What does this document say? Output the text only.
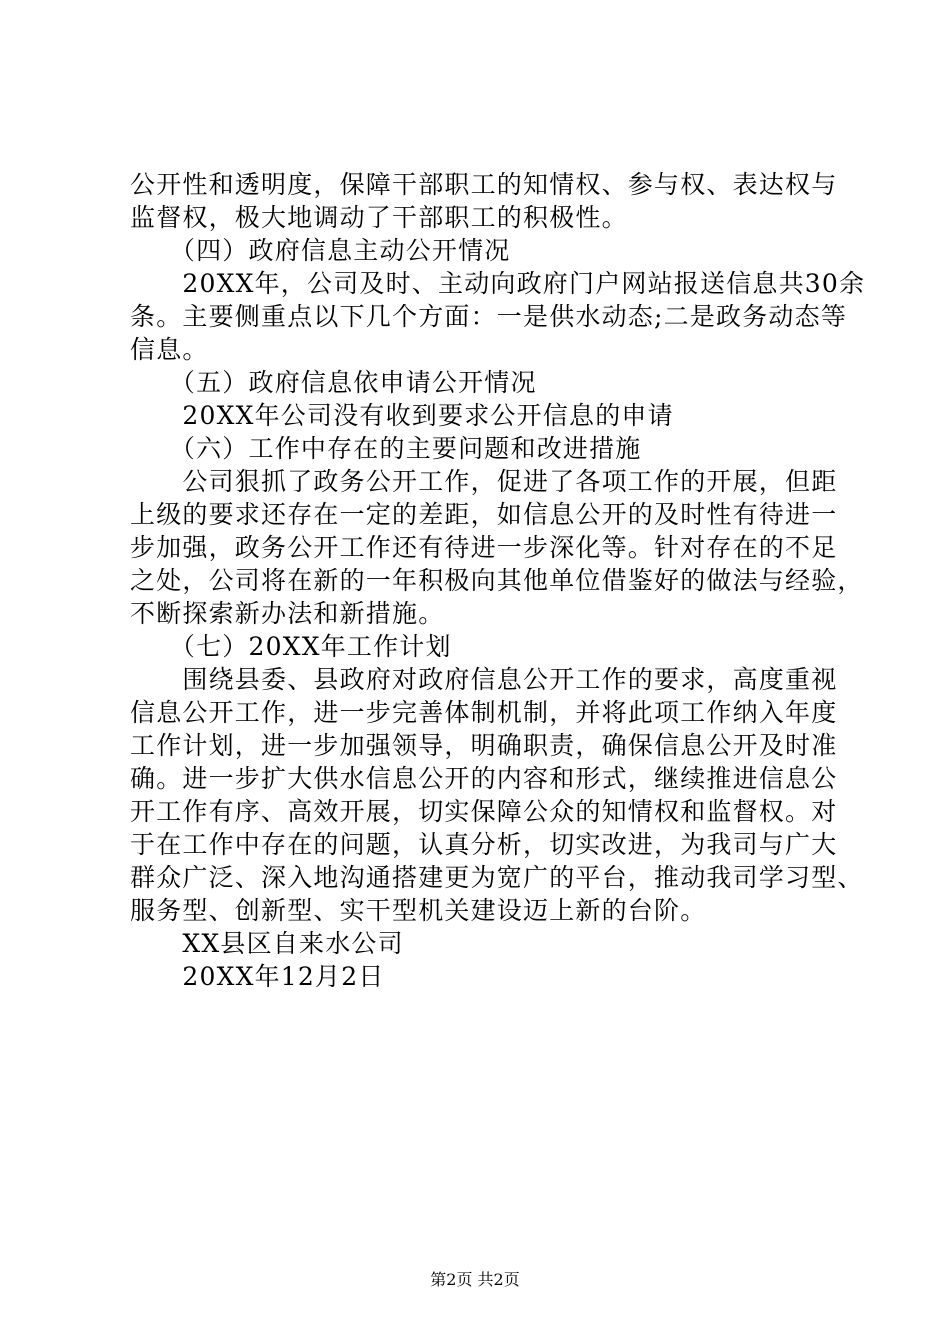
公开性和透明度，保障干部职工的知情权、参与权、表达权与
监督权，极大地调动了干部职工的积极性。
　　（四）政府信息主动公开情况
　　20XX年，公司及时、主动向政府门户网站报送信息共30余
条。主要侧重点以下几个方面：一是供水动态;二是政务动态等
信息。
　　（五）政府信息依申请公开情况
　　20XX年公司没有收到要求公开信息的申请
　　（六）工作中存在的主要问题和改进措施
　　公司狠抓了政务公开工作，促进了各项工作的开展，但距
上级的要求还存在一定的差距，如信息公开的及时性有待进一
步加强，政务公开工作还有待进一步深化等。针对存在的不足
之处，公司将在新的一年积极向其他单位借鉴好的做法与经验，
不断探索新办法和新措施。
　　（七）20XX年工作计划
　　围绕县委、县政府对政府信息公开工作的要求，高度重视
信息公开工作，进一步完善体制机制，并将此项工作纳入年度
工作计划，进一步加强领导，明确职责，确保信息公开及时准
确。进一步扩大供水信息公开的内容和形式，继续推进信息公
开工作有序、高效开展，切实保障公众的知情权和监督权。对
于在工作中存在的问题，认真分析，切实改进，为我司与广大
群众广泛、深入地沟通搭建更为宽广的平台，推动我司学习型、
服务型、创新型、实干型机关建设迈上新的台阶。
　　XX县区自来水公司
　　20XX年12月2日
第2页 共2页
